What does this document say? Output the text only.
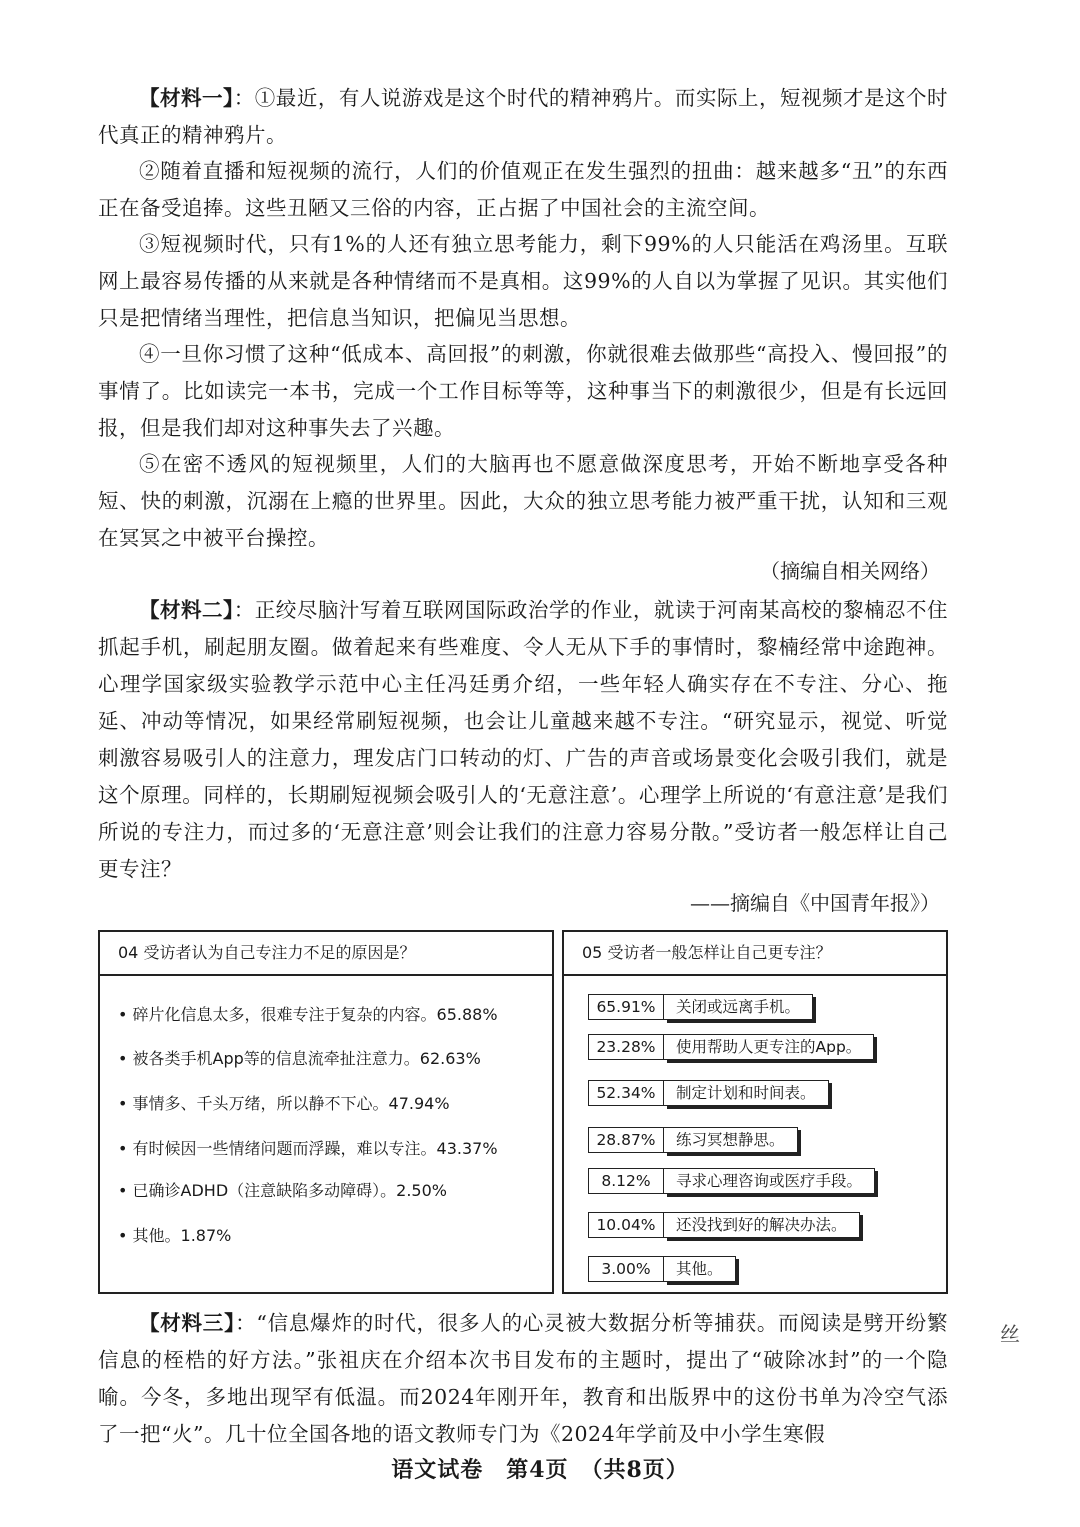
【材料一】：①最近，有人说游戏是这个时代的精神鸦片。而实际上，短视频才是这个时代真正的精神鸦片。

②随着直播和短视频的流行，人们的价值观正在发生强烈的扭曲：越来越多“丑”的东西正在备受追捧。这些丑陋又三俗的内容，正占据了中国社会的主流空间。

③短视频时代，只有1%的人还有独立思考能力，剩下99%的人只能活在鸡汤里。互联网上最容易传播的从来就是各种情绪而不是真相。这99%的人自以为掌握了见识。其实他们只是把情绪当理性，把信息当知识，把偏见当思想。

④一旦你习惯了这种“低成本、高回报”的刺激，你就很难去做那些“高投入、慢回报”的事情了。比如读完一本书，完成一个工作目标等等，这种事当下的刺激很少，但是有长远回报，但是我们却对这种事失去了兴趣。

⑤在密不透风的短视频里，人们的大脑再也不愿意做深度思考，开始不断地享受各种短、快的刺激，沉溺在上瘾的世界里。因此，大众的独立思考能力被严重干扰，认知和三观在冥冥之中被平台操控。

（摘编自相关网络）

【材料二】：正绞尽脑汁写着互联网国际政治学的作业，就读于河南某高校的黎楠忍不住抓起手机，刷起朋友圈。做着起来有些难度、令人无从下手的事情时，黎楠经常中途跑神。心理学国家级实验教学示范中心主任冯廷勇介绍，一些年轻人确实存在不专注、分心、拖延、冲动等情况，如果经常刷短视频，也会让儿童越来越不专注。“研究显示，视觉、听觉刺激容易吸引人的注意力，理发店门口转动的灯、广告的声音或场景变化会吸引我们，就是这个原理。同样的，长期刷短视频会吸引人的‘无意注意’。心理学上所说的‘有意注意’是我们所说的专注力，而过多的‘无意注意’则会让我们的注意力容易分散。”受访者一般怎样让自己更专注？

——摘编自《中国青年报》）
04 受访者认为自己专注力不足的原因是？
• 碎片化信息太多，很难专注于复杂的内容。65.88%
• 被各类手机App等的信息流牵扯注意力。62.63%
• 事情多、千头万绪，所以静不下心。47.94%
• 有时候因一些情绪问题而浮躁，难以专注。43.37%
• 已确诊ADHD（注意缺陷多动障碍）。2.50%
• 其他。1.87%
05 受访者一般怎样让自己更专注？
65.91%	关闭或远离手机。
23.28%	使用帮助人更专注的App。
52.34%	制定计划和时间表。
28.87%	练习冥想静思。
8.12%	寻求心理咨询或医疗手段。
10.04%	还没找到好的解决办法。
3.00%	其他。

【材料三】：“信息爆炸的时代，很多人的心灵被大数据分析等捕获。而阅读是劈开纷繁信息的桎梏的好方法。”张祖庆在介绍本次书目发布的主题时，提出了“破除冰封”的一个隐喻。今冬，多地出现罕有低温。而2024年刚开年，教育和出版界中的这份书单为冷空气添了一把“火”。几十位全国各地的语文教师专门为《2024年学前及中小学生寒假

丝
语文试卷　第4页　（共8页）
